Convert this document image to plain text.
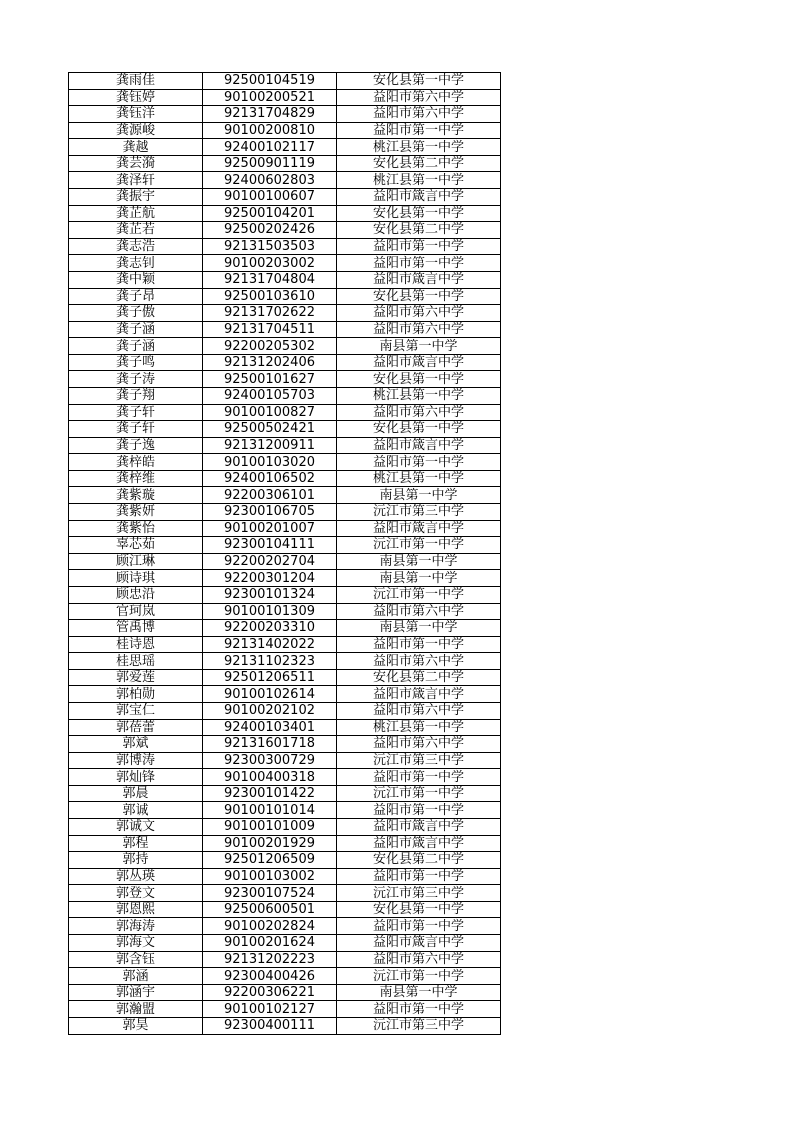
龚雨佳	92500104519	安化县第一中学
龚钰婷	90100200521	益阳市第六中学
龚钰洋	92131704829	益阳市第六中学
龚源峻	90100200810	益阳市第一中学
龚越	92400102117	桃江县第一中学
龚芸漪	92500901119	安化县第二中学
龚泽轩	92400602803	桃江县第一中学
龚振宇	90100100607	益阳市箴言中学
龚芷航	92500104201	安化县第一中学
龚芷若	92500202426	安化县第二中学
龚志浩	92131503503	益阳市第一中学
龚志钊	90100203002	益阳市第一中学
龚中颖	92131704804	益阳市箴言中学
龚子昂	92500103610	安化县第一中学
龚子傲	92131702622	益阳市第六中学
龚子涵	92131704511	益阳市第六中学
龚子涵	92200205302	南县第一中学
龚子鸣	92131202406	益阳市箴言中学
龚子涛	92500101627	安化县第一中学
龚子翔	92400105703	桃江县第一中学
龚子轩	90100100827	益阳市第六中学
龚子轩	92500502421	安化县第一中学
龚子逸	92131200911	益阳市箴言中学
龚梓皓	90100103020	益阳市第一中学
龚梓维	92400106502	桃江县第一中学
龚紫璇	92200306101	南县第一中学
龚紫妍	92300106705	沅江市第三中学
龚紫怡	90100201007	益阳市箴言中学
辜芯茹	92300104111	沅江市第一中学
顾江琳	92200202704	南县第一中学
顾诗琪	92200301204	南县第一中学
顾忠沿	92300101324	沅江市第一中学
官珂岚	90100101309	益阳市第六中学
管禹博	92200203310	南县第一中学
桂诗恩	92131402022	益阳市第一中学
桂思瑶	92131102323	益阳市第六中学
郭爱莲	92501206511	安化县第二中学
郭柏勋	90100102614	益阳市箴言中学
郭宝仁	90100202102	益阳市第六中学
郭蓓蕾	92400103401	桃江县第一中学
郭斌	92131601718	益阳市第六中学
郭博涛	92300300729	沅江市第三中学
郭灿锋	90100400318	益阳市第一中学
郭晨	92300101422	沅江市第一中学
郭诚	90100101014	益阳市第一中学
郭诚文	90100101009	益阳市箴言中学
郭程	90100201929	益阳市箴言中学
郭持	92501206509	安化县第二中学
郭丛瑛	90100103002	益阳市第一中学
郭登文	92300107524	沅江市第三中学
郭恩熙	92500600501	安化县第一中学
郭海涛	90100202824	益阳市第一中学
郭海文	90100201624	益阳市箴言中学
郭含钰	92131202223	益阳市第六中学
郭涵	92300400426	沅江市第一中学
郭涵宇	92200306221	南县第一中学
郭瀚盟	90100102127	益阳市第一中学
郭昊	92300400111	沅江市第三中学
